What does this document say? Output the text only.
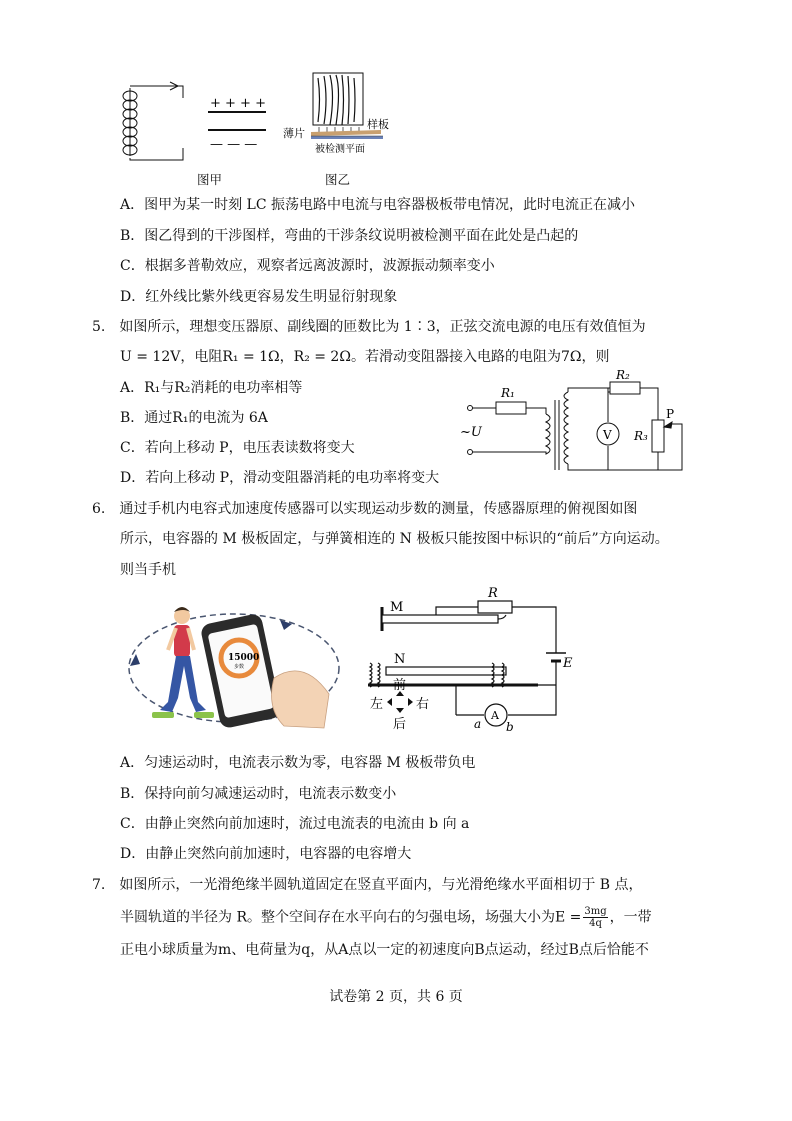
+ + + +
— — —
图甲
薄片
样板
被检测平面
图乙
A．图甲为某一时刻 LC 振荡电路中电流与电容器极板带电情况，此时电流正在减小
B．图乙得到的干涉图样，弯曲的干涉条纹说明被检测平面在此处是凸起的
C．根据多普勒效应，观察者远离波源时，波源振动频率变小
D．红外线比紫外线更容易发生明显衍射现象
5.　如图所示，理想变压器原、副线圈的匝数比为 1∶3，正弦交流电源的电压有效值恒为
U = 12V，电阻R₁ = 1Ω，R₂ = 2Ω。若滑动变阻器接入电路的电阻为7Ω，则
A．R₁与R₂消耗的电功率相等
B．通过R₁的电流为 6A
C．若向上移动 P，电压表读数将变大
D．若向上移动 P，滑动变阻器消耗的电功率将变大
~U
R₁
R₂
R₃
P
V
6.　通过手机内电容式加速度传感器可以实现运动步数的测量，传感器原理的俯视图如图
所示，电容器的 M 极板固定，与弹簧相连的 N 极板只能按图中标识的“前后”方向运动。
则当手机
15000
步数
M
N
R
E
A
a b
前
后
左	右
A．匀速运动时，电流表示数为零，电容器 M 极板带负电
B．保持向前匀减速运动时，电流表示数变小
C．由静止突然向前加速时，流过电流表的电流由 b 向 a
D．由静止突然向前加速时，电容器的电容增大
7.　如图所示，一光滑绝缘半圆轨道固定在竖直平面内，与光滑绝缘水平面相切于 B 点，
半圆轨道的半径为 R。整个空间存在水平向右的匀强电场，场强大小为$E = \frac{3mg}{4q}$ ，一带
正电小球质量为m、电荷量为q，从A点以一定的初速度向B点运动，经过B点后恰能不
试卷第 2 页，共 6 页
